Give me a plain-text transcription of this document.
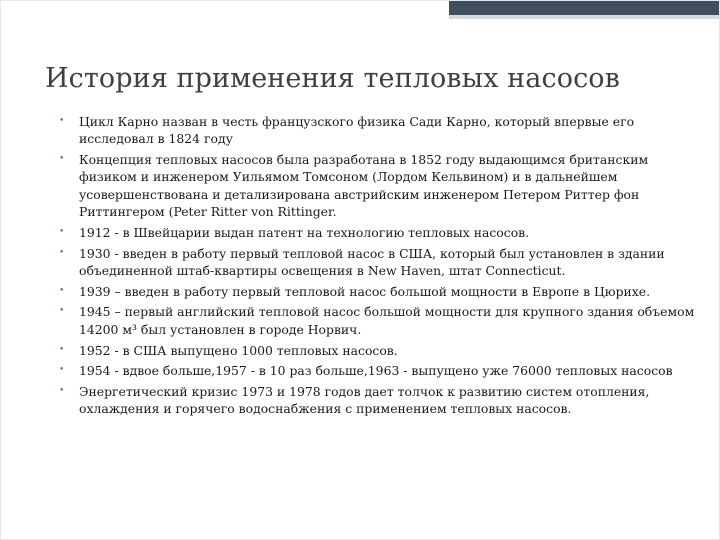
История применения тепловых насосов
• Цикл Карно назван в честь французского физика Сади Карно, который впервые его исследовал в 1824 году
• Концепция тепловых насосов была разработана в 1852 году выдающимся британским физиком и инженером Уильямом Томсоном (Лордом Кельвином) и в дальнейшем усовершенствована и детализирована австрийским инженером Петером Риттер фон Риттингером (Peter Ritter von Rittinger.
• 1912 - в Швейцарии выдан патент на технологию тепловых насосов.
• 1930 - введен в работу первый тепловой насос в США, который был установлен в здании объединенной штаб-квартиры освещения в New Haven, штат Connecticut.
• 1939 – введен в работу первый тепловой насос большой мощности в Европе в Цюрихе.
• 1945 – первый английский тепловой насос большой мощности для крупного здания объемом 14200 м³ был установлен в городе Норвич.
• 1952 - в США выпущено 1000 тепловых насосов.
• 1954 - вдвое больше,1957 - в 10 раз больше,1963 - выпущено уже 76000 тепловых насосов
• Энергетический кризис 1973 и 1978 годов дает толчок к развитию систем отопления, охлаждения и горячего водоснабжения с применением тепловых насосов.
